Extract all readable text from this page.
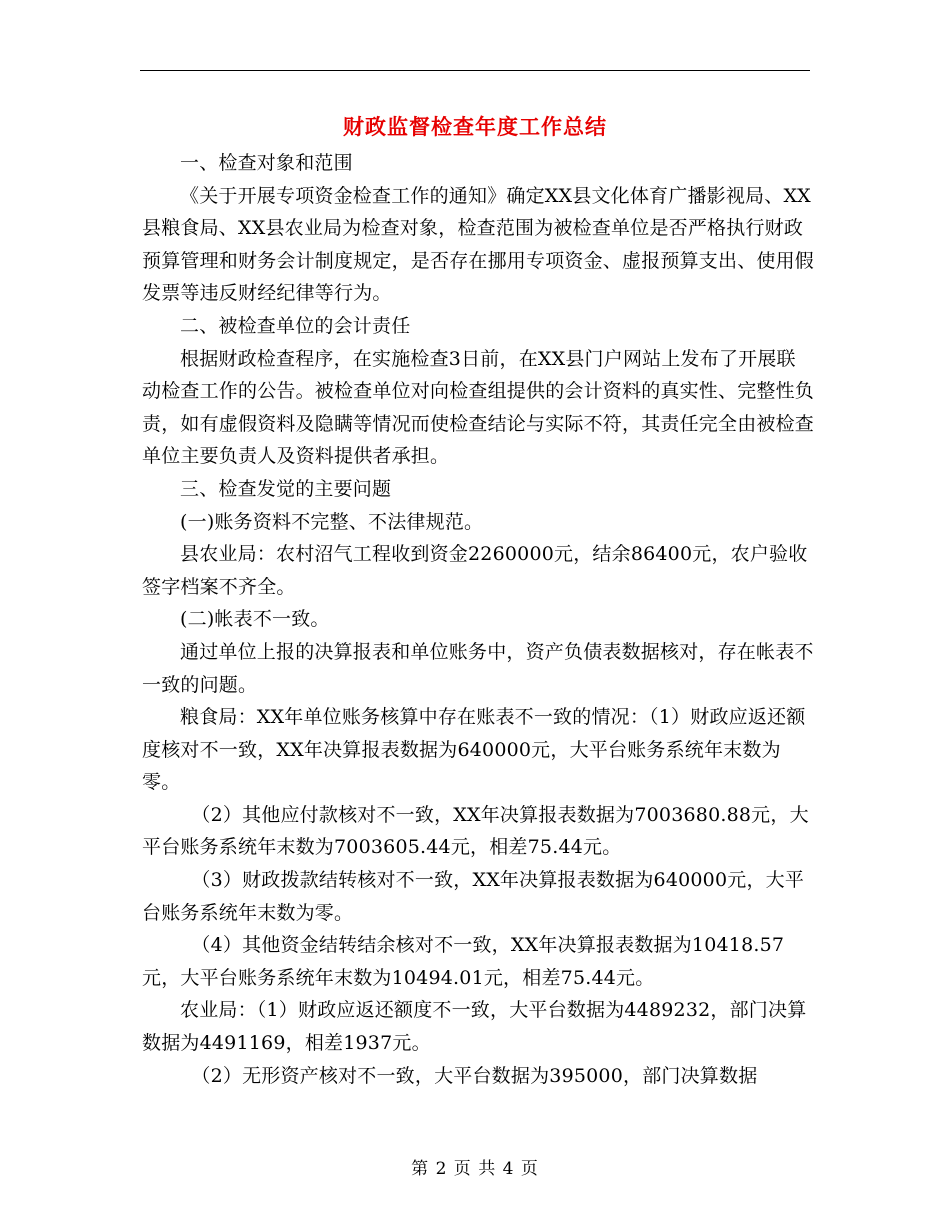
财政监督检查年度工作总结

一、检查对象和范围

《关于开展专项资金检查工作的通知》确定XX县文化体育广播影视局、XX县粮食局、XX县农业局为检查对象，检查范围为被检查单位是否严格执行财政预算管理和财务会计制度规定，是否存在挪用专项资金、虚报预算支出、使用假发票等违反财经纪律等行为。

二、被检查单位的会计责任

根据财政检查程序，在实施检查3日前，在XX县门户网站上发布了开展联动检查工作的公告。被检查单位对向检查组提供的会计资料的真实性、完整性负责，如有虚假资料及隐瞒等情况而使检查结论与实际不符，其责任完全由被检查单位主要负责人及资料提供者承担。

三、检查发觉的主要问题

(一)账务资料不完整、不法律规范。

县农业局：农村沼气工程收到资金2260000元，结余86400元，农户验收签字档案不齐全。

(二)帐表不一致。

通过单位上报的决算报表和单位账务中，资产负债表数据核对，存在帐表不一致的问题。

粮食局：XX年单位账务核算中存在账表不一致的情况：（1）财政应返还额度核对不一致，XX年决算报表数据为640000元，大平台账务系统年末数为零。

（2）其他应付款核对不一致，XX年决算报表数据为7003680.88元，大平台账务系统年末数为7003605.44元，相差75.44元。

（3）财政拨款结转核对不一致，XX年决算报表数据为640000元，大平台账务系统年末数为零。

（4）其他资金结转结余核对不一致，XX年决算报表数据为10418.57元，大平台账务系统年末数为10494.01元，相差75.44元。

农业局：（1）财政应返还额度不一致，大平台数据为4489232，部门决算数据为4491169，相差1937元。

（2）无形资产核对不一致，大平台数据为395000，部门决算数据

第 2 页 共 4 页
